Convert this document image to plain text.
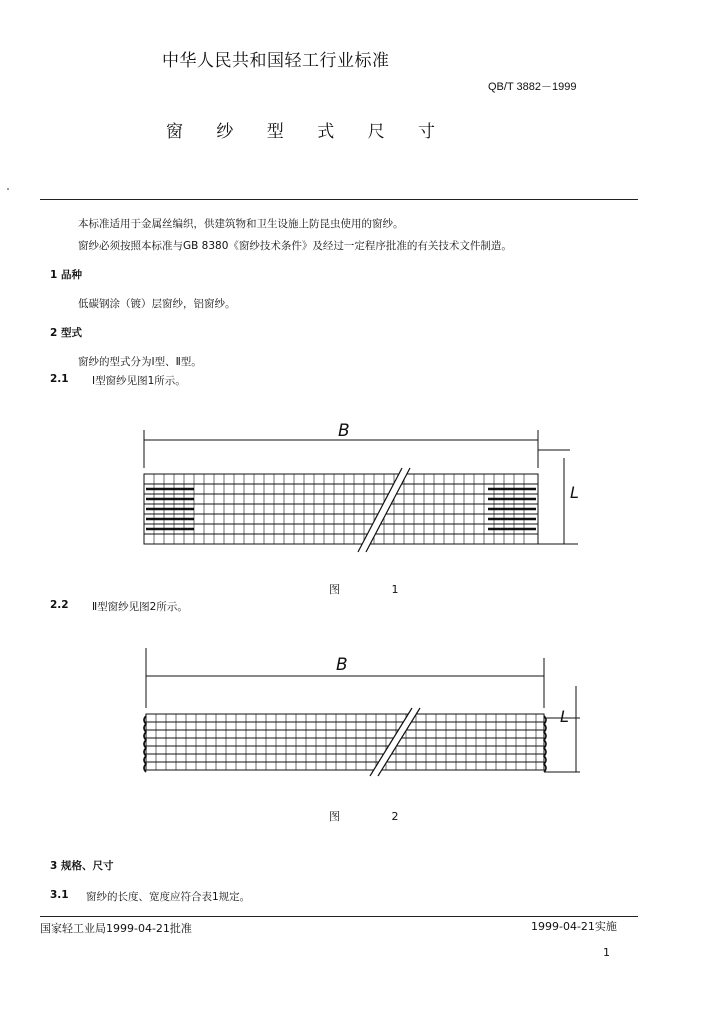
中华人民共和国轻工行业标准
QB/T 3882－1999
窗 纱 型 式 尺 寸
本标准适用于金属丝编织，供建筑物和卫生设施上防昆虫使用的窗纱。
窗纱必须按照本标准与GB 8380《窗纱技术条件》及经过一定程序批准的有关技术文件制造。
1 品种
低碳钢涂（镀）层窗纱，铝窗纱。
2 型式
窗纱的型式分为Ⅰ型、Ⅱ型。
2.1 Ⅰ型窗纱见图1所示。
B
L
图 1
2.2 Ⅱ型窗纱见图2所示。
B
L
图 2
3 规格、尺寸
3.1 窗纱的长度、宽度应符合表1规定。
国家轻工业局1999-04-21批准	1999-04-21实施
1
